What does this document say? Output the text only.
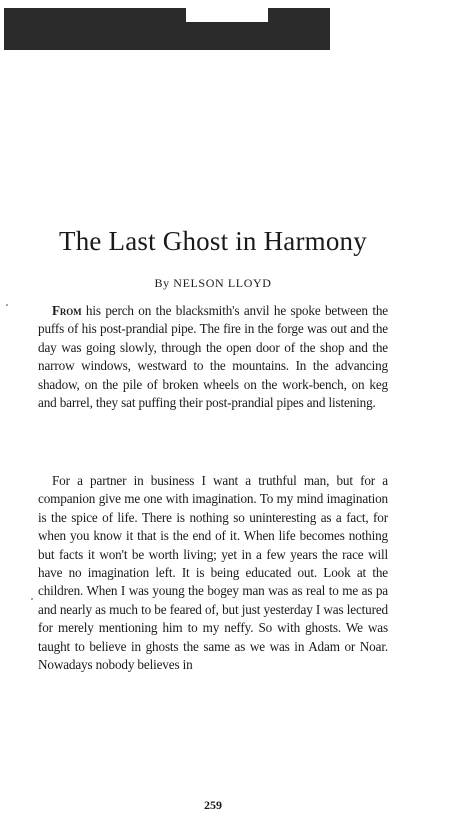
The Last Ghost in Harmony
By NELSON LLOYD

From his perch on the blacksmith's anvil he spoke between the puffs of his post-prandial pipe. The fire in the forge was out and the day was going slowly, through the open door of the shop and the narrow windows, westward to the mountains. In the advancing shadow, on the pile of broken wheels on the work-bench, on keg and barrel, they sat puffing their post-prandial pipes and listening.

For a partner in business I want a truthful man, but for a companion give me one with imagination. To my mind imagination is the spice of life. There is nothing so uninteresting as a fact, for when you know it that is the end of it. When life becomes nothing but facts it won't be worth living; yet in a few years the race will have no imagination left. It is being educated out. Look at the children. When I was young the bogey man was as real to me as pa and nearly as much to be feared of, but just yesterday I was lectured for merely mentioning him to my neffy. So with ghosts. We was taught to believe in ghosts the same as we was in Adam or Noar. Nowadays nobody believes in

259
